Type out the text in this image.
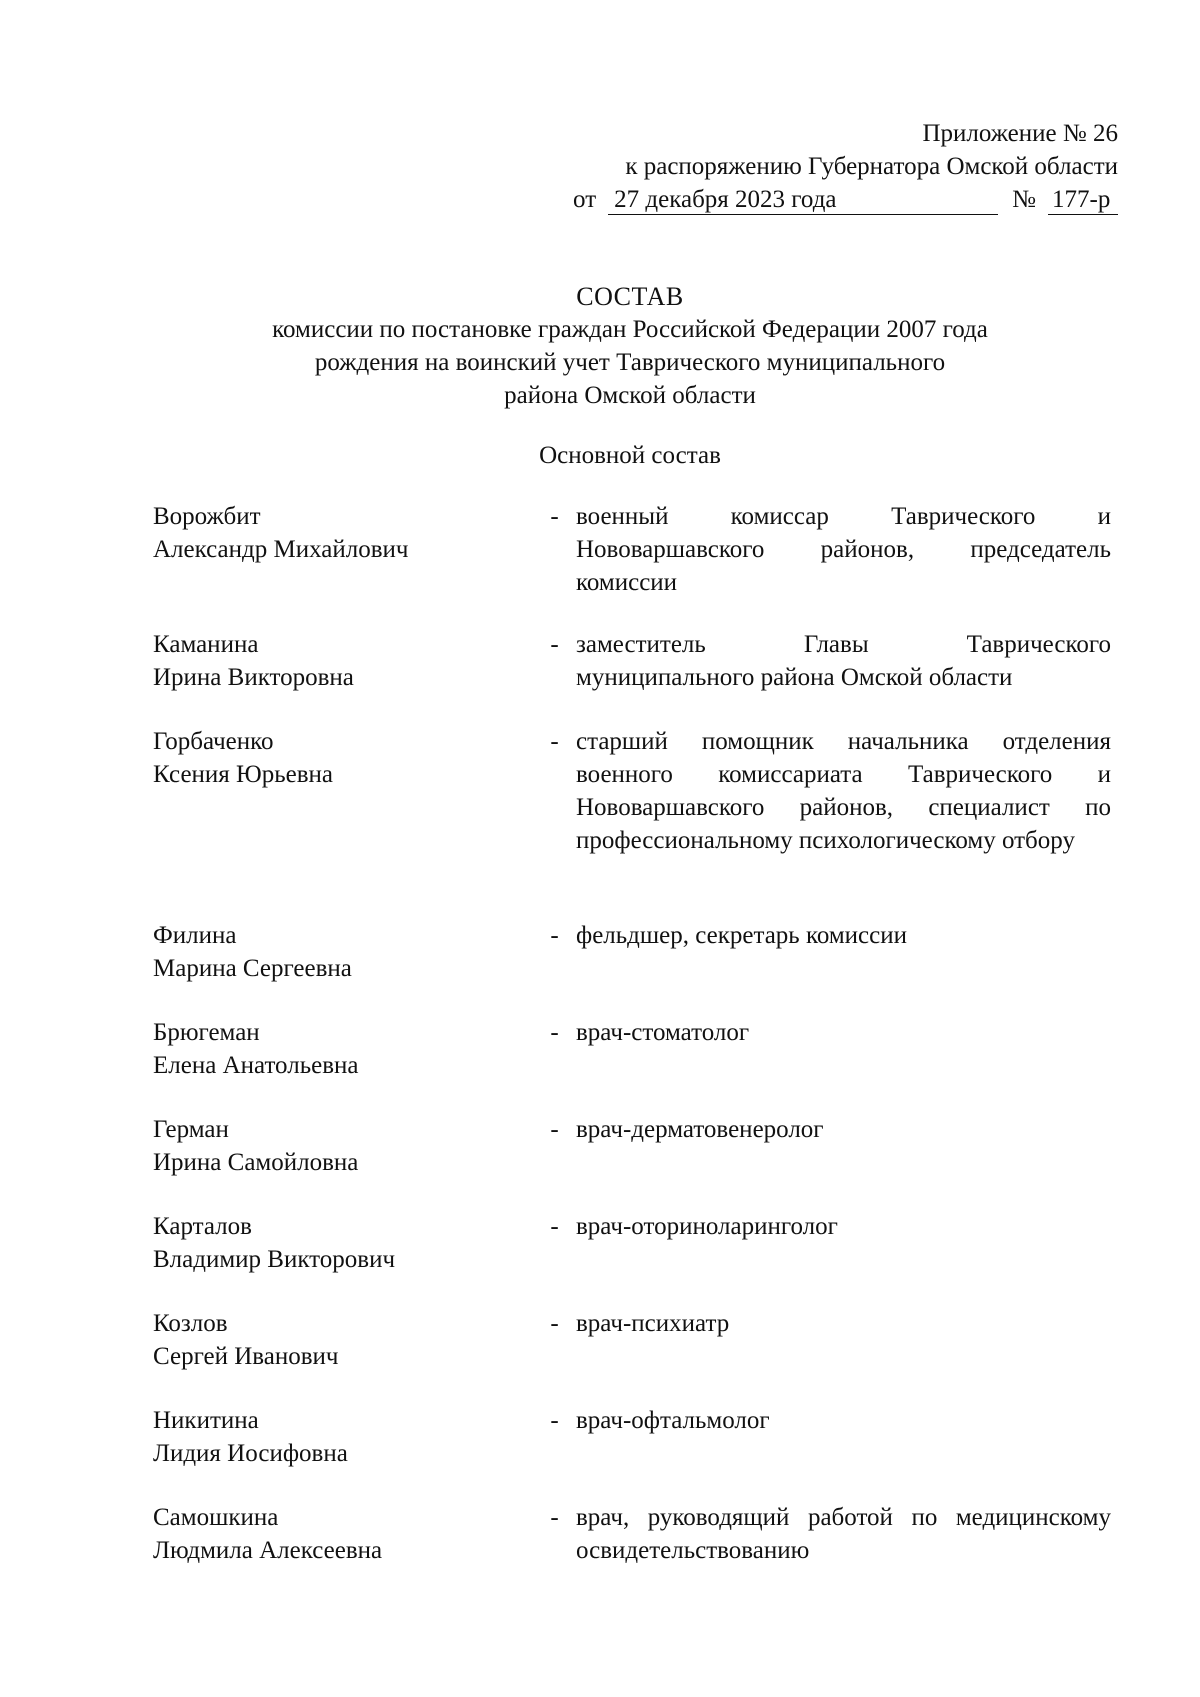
Приложение № 26
к распоряжению Губернатора Омской области
от 27 декабря 2023 года	№ 177-р
СОСТАВ
комиссии по постановке граждан Российской Федерации 2007 года
рождения на воинский учет Таврического муниципального
района Омской области
Основной состав
Ворожбит
Александр Михайлович
- военный комиссар Таврического и Нововаршавского районов, председатель комиссии
Каманина
Ирина Викторовна
- заместитель Главы Таврического муниципального района Омской области
Горбаченко
Ксения Юрьевна
- старший помощник начальника отделения военного комиссариата Таврического и Нововаршавского районов, специалист по профессиональному психологическому отбору
Филина
Марина Сергеевна
- фельдшер, секретарь комиссии
Брюгеман
Елена Анатольевна
- врач-стоматолог
Герман
Ирина Самойловна
- врач-дерматовенеролог
Карталов
Владимир Викторович
- врач-оториноларинголог
Козлов
Сергей Иванович
- врач-психиатр
Никитина
Лидия Иосифовна
- врач-офтальмолог
Самошкина
Людмила Алексеевна
- врач, руководящий работой по медицинскому освидетельствованию
